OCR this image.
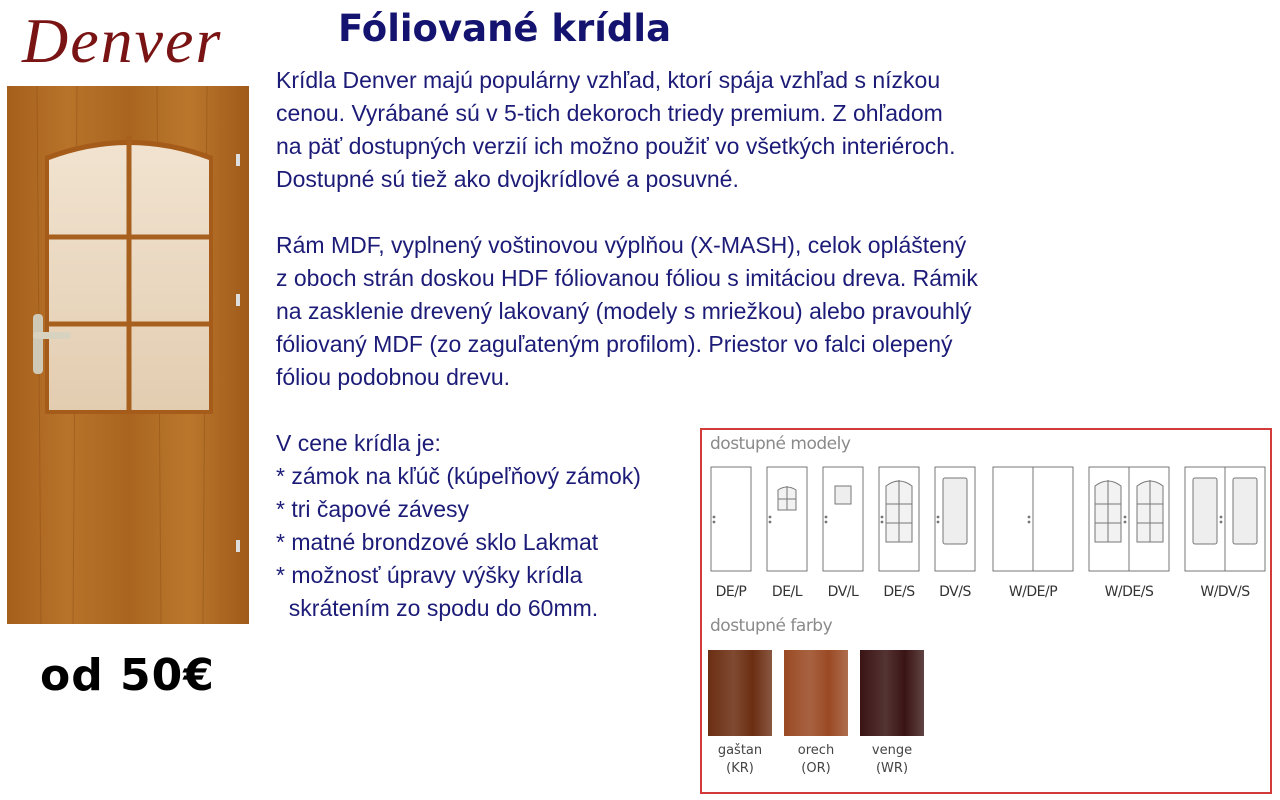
Denver
od 50€
Fóliované krídla
Krídla Denver majú populárny vzhľad, ktorí spája vzhľad s nízkou
cenou. Vyrábané sú v 5-tich dekoroch triedy premium. Z ohľadom
na päť dostupných verzií ich možno použiť vo všetkých interiéroch.
Dostupné sú tiež ako dvojkrídlové a posuvné.
Rám MDF, vyplnený voštinovou výplňou (X-MASH), celok opláštený
z oboch strán doskou HDF fóliovanou fóliou s imitáciou dreva. Rámik
na zasklenie drevený lakovaný (modely s mriežkou) alebo pravouhlý
fóliovaný MDF (zo zaguľateným profilom). Priestor vo falci olepený
fóliou podobnou drevu.
V cene krídla je:
* zámok na kľúč (kúpeľňový zámok)
* tri čapové závesy
* matné brondzové sklo Lakmat
* možnosť úpravy výšky krídla
skrátením zo spodu do 60mm.
dostupné modely
DE/P	DE/L	DV/L	DE/S	DV/S	W/DE/P	W/DE/S	W/DV/S
dostupné farby
gaštan
(KR)
orech
(OR)
venge
(WR)
